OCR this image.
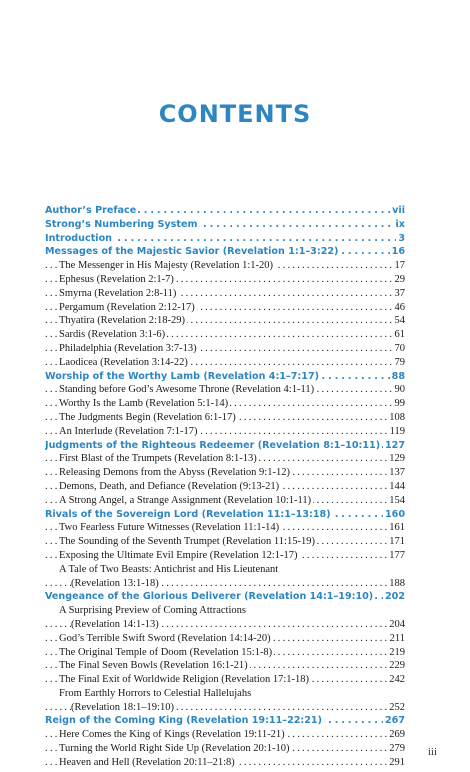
CONTENTS
. . . Author’s Preface	vii
. . . Strong’s Numbering System	ix
. . . Introduction	3
. . . Messages of the Majestic Savior (Revelation 1:1–3:22)	16
. . . The Messenger in His Majesty (Revelation 1:1-20)	17
. . . Ephesus (Revelation 2:1-7)	29
. . . Smyrna (Revelation 2:8-11)	37
. . . Pergamum (Revelation 2:12-17)	46
. . . Thyatira (Revelation 2:18-29)	54
. . . Sardis (Revelation 3:1-6)	61
. . . Philadelphia (Revelation 3:7-13)	70
. . . Laodicea (Revelation 3:14-22)	79
. . . Worship of the Worthy Lamb (Revelation 4:1–7:17)	88
. . . Standing before God’s Awesome Throne (Revelation 4:1-11)	90
. . . Worthy Is the Lamb (Revelation 5:1-14)	99
. . . The Judgments Begin (Revelation 6:1-17)	108
. . . An Interlude (Revelation 7:1-17)	119
. . . Judgments of the Righteous Redeemer (Revelation 8:1–10:11) 127
. . . First Blast of the Trumpets (Revelation 8:1-13)	129
. . . Releasing Demons from the Abyss (Revelation 9:1-12)	137
. . . Demons, Death, and Defiance (Revelation (9:13-21)	144
. . . A Strong Angel, a Strange Assignment (Revelation 10:1-11)	154
. . . Rivals of the Sovereign Lord (Revelation 11:1–13:18)	160
. . . Two Fearless Future Witnesses (Revelation 11:1-14)	161
. . . The Sounding of the Seventh Trumpet (Revelation 11:15-19)	171
. . . Exposing the Ultimate Evil Empire (Revelation 12:1-17)	177
A Tale of Two Beasts: Antichrist and His Lieutenant
. . . (Revelation 13:1-18)	188
. . . Vengeance of the Glorious Deliverer (Revelation 14:1–19:10) 202
A Surprising Preview of Coming Attractions
. . . (Revelation 14:1-13)	204
. . . God’s Terrible Swift Sword (Revelation 14:14-20)	211
. . . The Original Temple of Doom (Revelation 15:1-8)	219
. . . The Final Seven Bowls (Revelation 16:1-21)	229
. . . The Final Exit of Worldwide Religion (Revelation 17:1-18)	242
From Earthly Horrors to Celestial Hallelujahs
. . . (Revelation 18:1–19:10)	252
. . . Reign of the Coming King (Revelation 19:11–22:21)	267
. . . Here Comes the King of Kings (Revelation 19:11-21)	269
. . . Turning the World Right Side Up (Revelation 20:1-10)	279
. . . Heaven and Hell (Revelation 20:11–21:8)	291
iii
